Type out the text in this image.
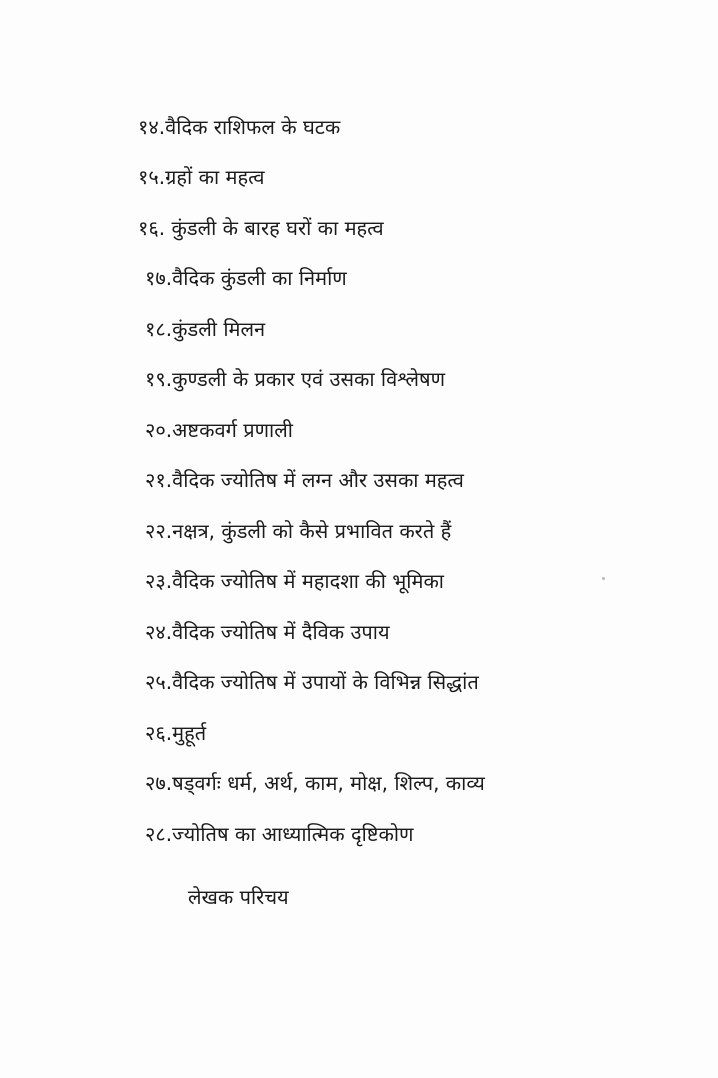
१४.वैदिक राशिफल के घटक
१५.ग्रहों का महत्व
१६. कुंडली के बारह घरों का महत्व
१७.वैदिक कुंडली का निर्माण
१८.कुंडली मिलन
१९.कुण्डली के प्रकार एवं उसका विश्लेषण
२०.अष्टकवर्ग प्रणाली
२१.वैदिक ज्योतिष में लग्न और उसका महत्व
२२.नक्षत्र, कुंडली को कैसे प्रभावित करते हैं
२३.वैदिक ज्योतिष में महादशा की भूमिका
२४.वैदिक ज्योतिष में दैविक उपाय
२५.वैदिक ज्योतिष में उपायों के विभिन्न सिद्धांत
२६.मुहूर्त
२७.षड्वर्गः धर्म, अर्थ, काम, मोक्ष, शिल्प, काव्य
२८.ज्योतिष का आध्यात्मिक दृष्टिकोण
लेखक परिचय
